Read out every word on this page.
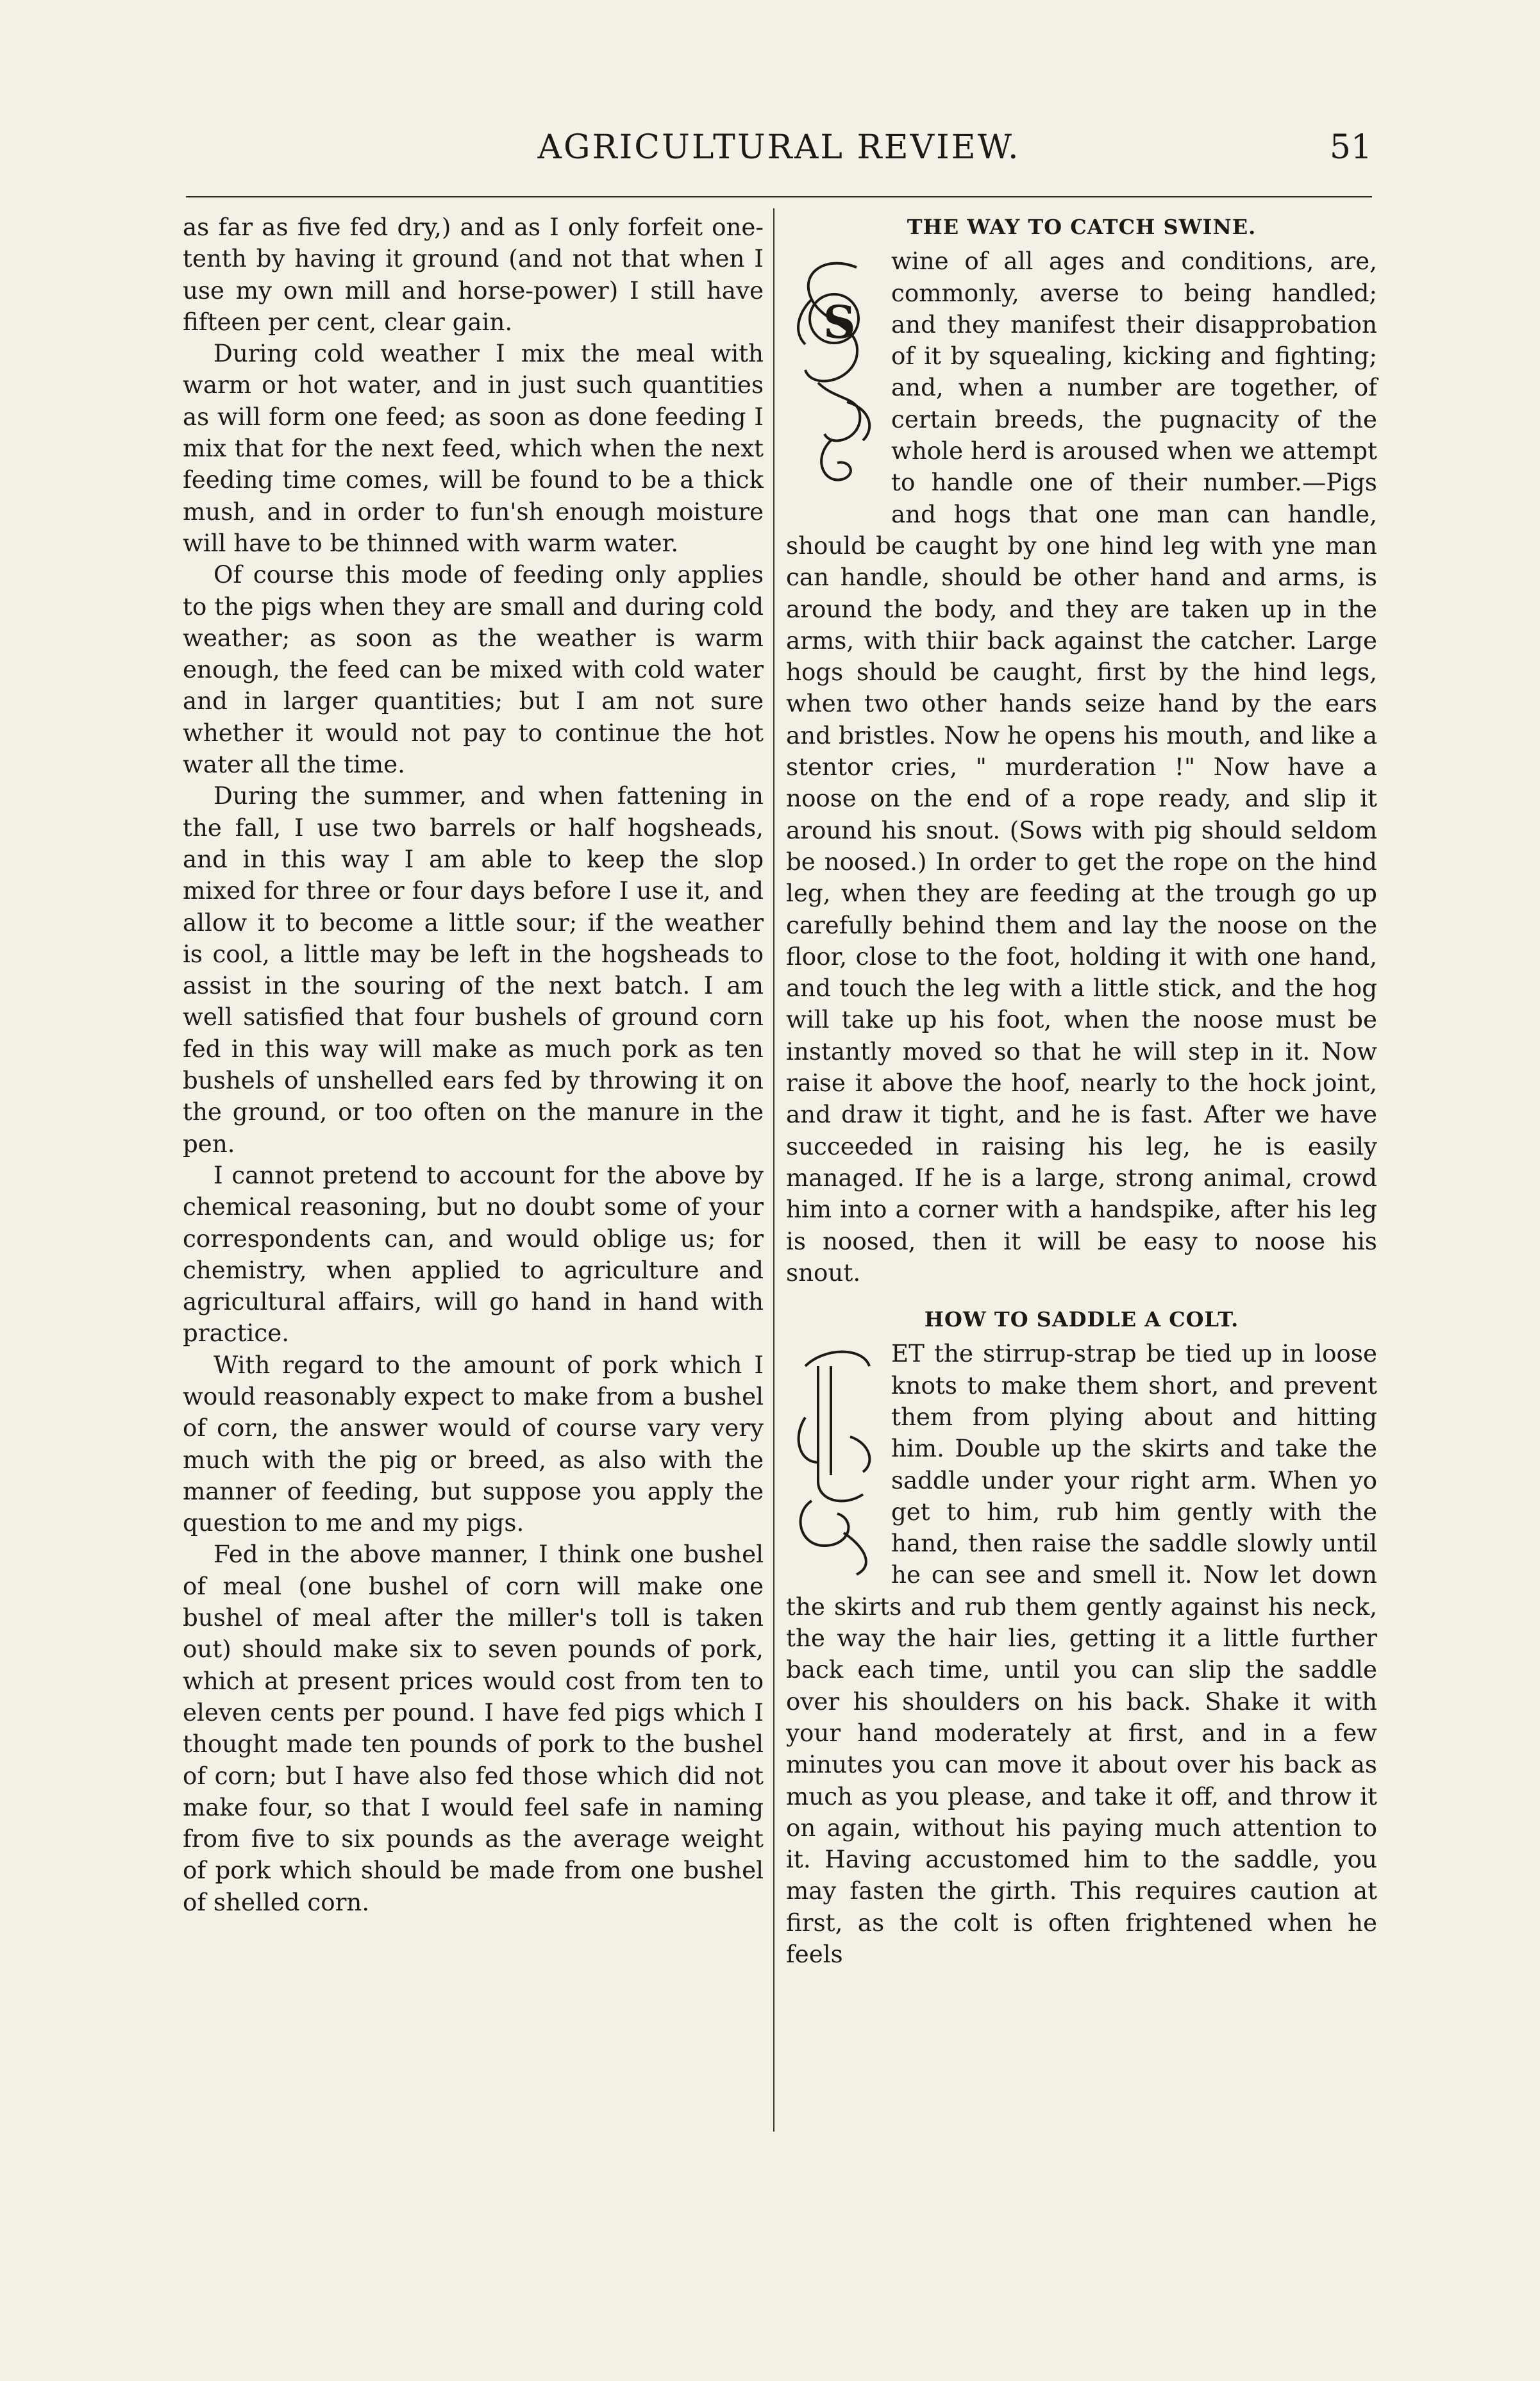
AGRICULTURAL REVIEW.	51

as far as five fed dry,) and as I only forfeit one-tenth by having it ground (and not that when I use my own mill and horse-power) I still have fifteen per cent, clear gain.

During cold weather I mix the meal with warm or hot water, and in just such quantities as will form one feed; as soon as done feeding I mix that for the next feed, which when the next feeding time comes, will be found to be a thick mush, and in order to fun'sh enough moisture will have to be thinned with warm water.

Of course this mode of feeding only applies to the pigs when they are small and during cold weather; as soon as the weather is warm enough, the feed can be mixed with cold water and in larger quantities; but I am not sure whether it would not pay to continue the hot water all the time.

During the summer, and when fattening in the fall, I use two barrels or half hogsheads, and in this way I am able to keep the slop mixed for three or four days before I use it, and allow it to become a little sour; if the weather is cool, a little may be left in the hogsheads to assist in the souring of the next batch. I am well satisfied that four bushels of ground corn fed in this way will make as much pork as ten bushels of unshelled ears fed by throwing it on the ground, or too often on the manure in the pen.

I cannot pretend to account for the above by chemical reasoning, but no doubt some of your correspondents can, and would oblige us; for chemistry, when applied to agriculture and agricultural affairs, will go hand in hand with practice.

With regard to the amount of pork which I would reasonably expect to make from a bushel of corn, the answer would of course vary very much with the pig or breed, as also with the manner of feeding, but suppose you apply the question to me and my pigs.

Fed in the above manner, I think one bushel of meal (one bushel of corn will make one bushel of meal after the miller's toll is taken out) should make six to seven pounds of pork, which at present prices would cost from ten to eleven cents per pound. I have fed pigs which I thought made ten pounds of pork to the bushel of corn; but I have also fed those which did not make four, so that I would feel safe in naming from five to six pounds as the average weight of pork which should be made from one bushel of shelled corn.

THE WAY TO CATCH SWINE.
S

wine of all ages and conditions, are, commonly, averse to being handled; and they manifest their disapprobation of it by squealing, kicking and fighting; and, when a number are together, of certain breeds, the pugnacity of the whole herd is aroused when we attempt to handle one of their number.—Pigs and hogs that one man can handle, should be caught by one hind leg with yne man can handle, should be other hand and arms, is around the body, and they are taken up in the arms, with thiir back against the catcher. Large hogs should be caught, first by the hind legs, when two other hands seize hand by the ears and bristles. Now he opens his mouth, and like a stentor cries, " murderation !" Now have a noose on the end of a rope ready, and slip it around his snout. (Sows with pig should seldom be noosed.) In order to get the rope on the hind leg, when they are feeding at the trough go up carefully behind them and lay the noose on the floor, close to the foot, holding it with one hand, and touch the leg with a little stick, and the hog will take up his foot, when the noose must be instantly moved so that he will step in it. Now raise it above the hoof, nearly to the hock joint, and draw it tight, and he is fast. After we have succeeded in raising his leg, he is easily managed. If he is a large, strong animal, crowd him into a corner with a handspike, after his leg is noosed, then it will be easy to noose his snout.

HOW TO SADDLE A COLT.

ET the stirrup-strap be tied up in loose knots to make them short, and prevent them from plying about and hitting him. Double up the skirts and take the saddle under your right arm. When yo get to him, rub him gently with the hand, then raise the saddle slowly until he can see and smell it. Now let down the skirts and rub them gently against his neck, the way the hair lies, getting it a little further back each time, until you can slip the saddle over his shoulders on his back. Shake it with your hand moderately at first, and in a few minutes you can move it about over his back as much as you please, and take it off, and throw it on again, without his paying much attention to it. Having accustomed him to the saddle, you may fasten the girth. This requires caution at first, as the colt is often frightened when he feels
